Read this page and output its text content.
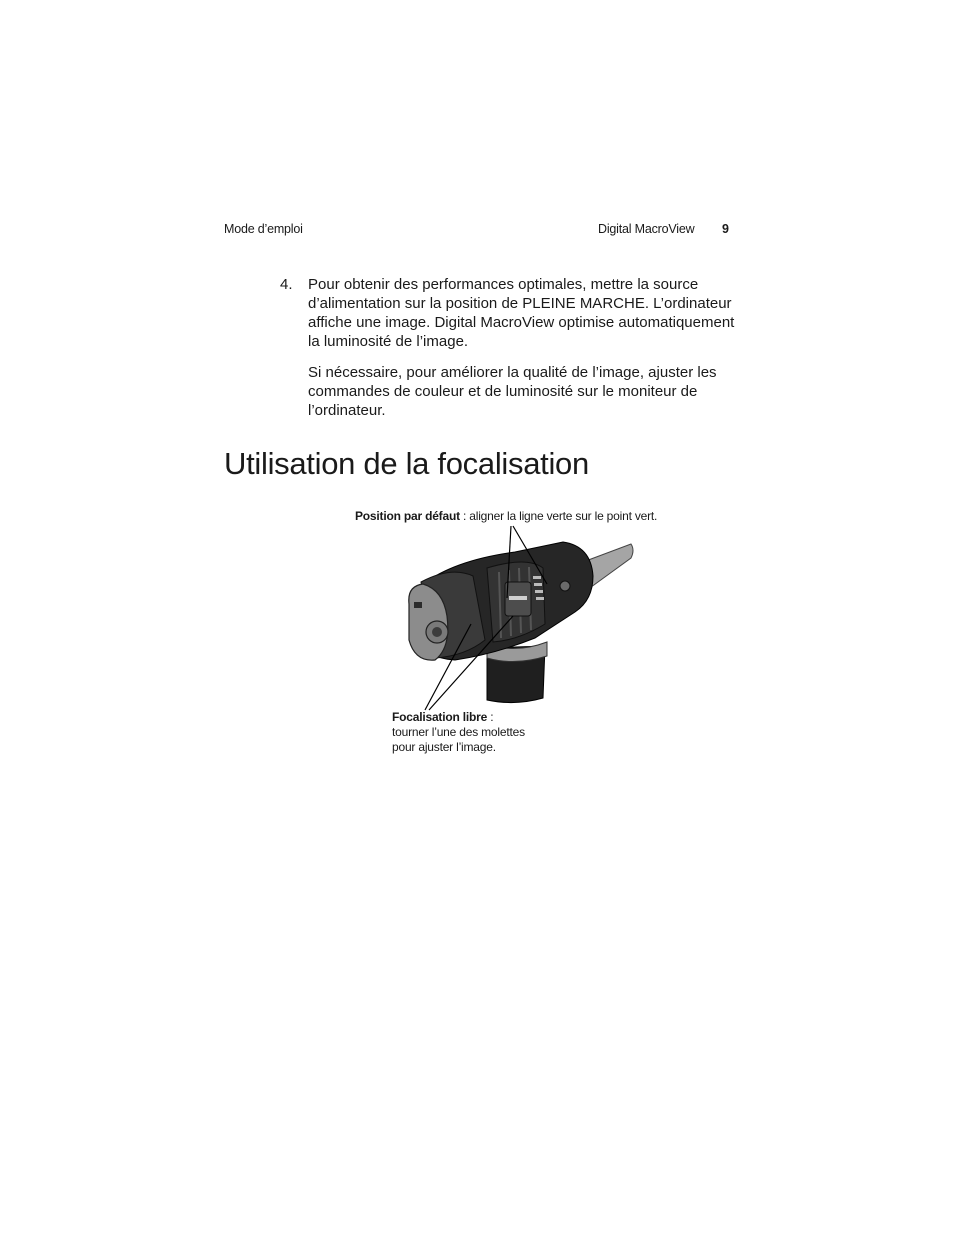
Mode d’emploi	Digital MacroView 9
4. Pour obtenir des performances optimales, mettre la source d’alimentation sur la position de PLEINE MARCHE. L’ordinateur affiche une image. Digital MacroView optimise automatiquement la luminosité de l’image.

Si nécessaire, pour améliorer la qualité de l’image, ajuster les commandes de couleur et de luminosité sur le moniteur de l’ordinateur.

Utilisation de la focalisation
Position par défaut : aligner la ligne verte sur le point vert.
Focalisation libre :
tourner l’une des molettes
pour ajuster l’image.
